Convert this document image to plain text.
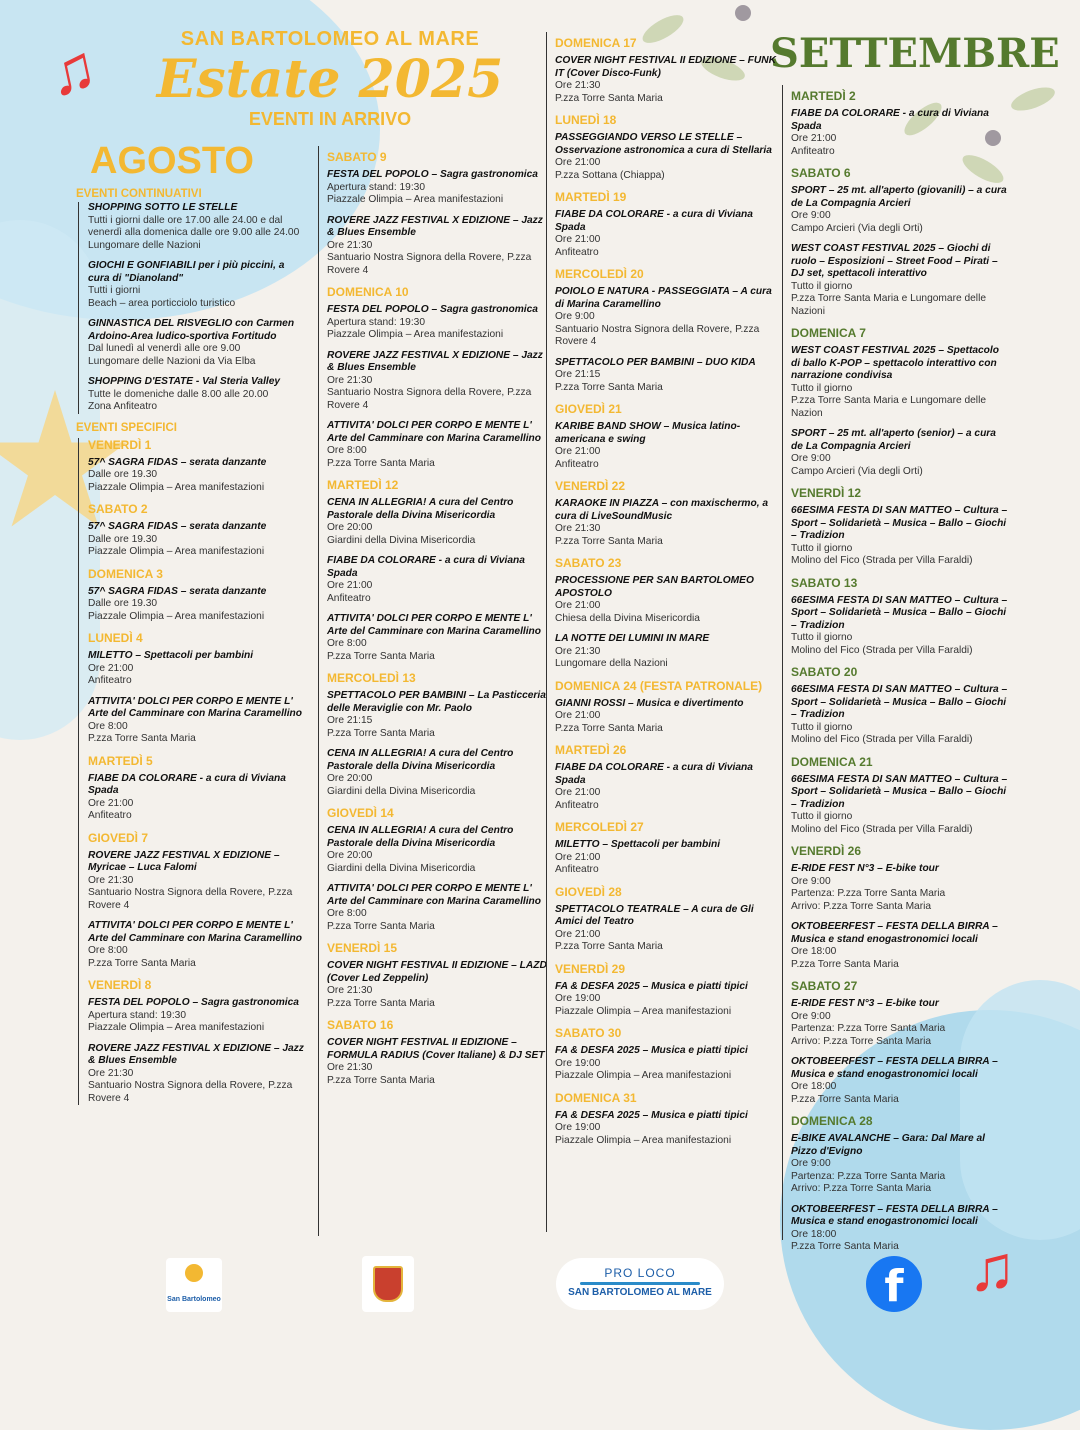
♫
♫
SAN BARTOLOMEO AL MARE
Estate 2025
EVENTI IN ARRIVO
AGOSTO
SETTEMBRE
EVENTI CONTINUATIVI
SHOPPING SOTTO LE STELLE
Tutti i giorni dalle ore 17.00 alle 24.00 e dal venerdì alla domenica dalle ore 9.00 alle 24.00
Lungomare delle Nazioni
GIOCHI E GONFIABILI per i più piccini, a cura di "Dianoland"
Tutti i giorni
Beach – area porticciolo turistico
GINNASTICA DEL RISVEGLIO con Carmen Ardoino-Area ludico-sportiva Fortitudo
Dal lunedì al venerdì alle ore 9.00
Lungomare delle Nazioni da Via Elba
SHOPPING D'ESTATE - Val Steria Valley
Tutte le domeniche dalle 8.00 alle 20.00
Zona Anfiteatro
EVENTI SPECIFICI
VENERDÌ 1
57^ SAGRA FIDAS – serata danzante
Dalle ore 19.30
Piazzale Olimpia – Area manifestazioni
SABATO 2
57^ SAGRA FIDAS – serata danzante
Dalle ore 19.30
Piazzale Olimpia – Area manifestazioni
DOMENICA 3
57^ SAGRA FIDAS – serata danzante
Dalle ore 19.30
Piazzale Olimpia – Area manifestazioni
LUNEDÌ 4
MILETTO – Spettacoli per bambini
Ore 21:00
Anfiteatro
ATTIVITA' DOLCI PER CORPO E MENTE L' Arte del Camminare con Marina Caramellino
Ore 8:00
P.zza Torre Santa Maria
MARTEDÌ 5
FIABE DA COLORARE - a cura di Viviana Spada
Ore 21:00
Anfiteatro
GIOVEDÌ 7
ROVERE JAZZ FESTIVAL X EDIZIONE – Myricae – Luca Falomi
Ore 21:30
Santuario Nostra Signora della Rovere, P.zza Rovere 4
ATTIVITA' DOLCI PER CORPO E MENTE L' Arte del Camminare con Marina Caramellino
Ore 8:00
P.zza Torre Santa Maria
VENERDÌ 8
FESTA DEL POPOLO – Sagra gastronomica
Apertura stand: 19:30
Piazzale Olimpia – Area manifestazioni
ROVERE JAZZ FESTIVAL X EDIZIONE – Jazz & Blues Ensemble
Ore 21:30
Santuario Nostra Signora della Rovere, P.zza Rovere 4
SABATO 9
FESTA DEL POPOLO – Sagra gastronomica
Apertura stand: 19:30
Piazzale Olimpia – Area manifestazioni
ROVERE JAZZ FESTIVAL X EDIZIONE – Jazz & Blues Ensemble
Ore 21:30
Santuario Nostra Signora della Rovere, P.zza Rovere 4
DOMENICA 10
FESTA DEL POPOLO – Sagra gastronomica
Apertura stand: 19:30
Piazzale Olimpia – Area manifestazioni
ROVERE JAZZ FESTIVAL X EDIZIONE – Jazz & Blues Ensemble
Ore 21:30
Santuario Nostra Signora della Rovere, P.zza Rovere 4
ATTIVITA' DOLCI PER CORPO E MENTE L' Arte del Camminare con Marina Caramellino
Ore 8:00
P.zza Torre Santa Maria
MARTEDÌ 12
CENA IN ALLEGRIA! A cura del Centro Pastorale della Divina Misericordia
Ore 20:00
Giardini della Divina Misericordia
FIABE DA COLORARE - a cura di Viviana Spada
Ore 21:00
Anfiteatro
ATTIVITA' DOLCI PER CORPO E MENTE L' Arte del Camminare con Marina Caramellino
Ore 8:00
P.zza Torre Santa Maria
MERCOLEDÌ 13
SPETTACOLO PER BAMBINI – La Pasticceria delle Meraviglie con Mr. Paolo
Ore 21:15
P.zza Torre Santa Maria
CENA IN ALLEGRIA! A cura del Centro Pastorale della Divina Misericordia
Ore 20:00
Giardini della Divina Misericordia
GIOVEDÌ 14
CENA IN ALLEGRIA! A cura del Centro Pastorale della Divina Misericordia
Ore 20:00
Giardini della Divina Misericordia
ATTIVITA' DOLCI PER CORPO E MENTE L' Arte del Camminare con Marina Caramellino
Ore 8:00
P.zza Torre Santa Maria
VENERDÌ 15
COVER NIGHT FESTIVAL II EDIZIONE – LAZD (Cover Led Zeppelin)
Ore 21:30
P.zza Torre Santa Maria
SABATO 16
COVER NIGHT FESTIVAL II EDIZIONE – FORMULA RADIUS (Cover Italiane) & DJ SET
Ore 21:30
P.zza Torre Santa Maria
DOMENICA 17
COVER NIGHT FESTIVAL II EDIZIONE – FUNK IT (Cover Disco-Funk)
Ore 21:30
P.zza Torre Santa Maria
LUNEDÌ 18
PASSEGGIANDO VERSO LE STELLE – Osservazione astronomica a cura di Stellaria
Ore 21:00
P.zza Sottana (Chiappa)
MARTEDÌ 19
FIABE DA COLORARE - a cura di Viviana Spada
Ore 21:00
Anfiteatro
MERCOLEDÌ 20
POIOLO E NATURA - PASSEGGIATA – A cura di Marina Caramellino
Ore 9:00
Santuario Nostra Signora della Rovere, P.zza Rovere 4
SPETTACOLO PER BAMBINI – DUO KIDA
Ore 21:15
P.zza Torre Santa Maria
GIOVEDÌ 21
KARIBE BAND SHOW – Musica latino-americana e swing
Ore 21:00
Anfiteatro
VENERDÌ 22
KARAOKE IN PIAZZA – con maxischermo, a cura di LiveSoundMusic
Ore 21:30
P.zza Torre Santa Maria
SABATO 23
PROCESSIONE PER SAN BARTOLOMEO APOSTOLO
Ore 21:00
Chiesa della Divina Misericordia
LA NOTTE DEI LUMINI IN MARE
Ore 21:30
Lungomare della Nazioni
DOMENICA 24 (FESTA PATRONALE)
GIANNI ROSSI – Musica e divertimento
Ore 21:00
P.zza Torre Santa Maria
MARTEDÌ 26
FIABE DA COLORARE - a cura di Viviana Spada
Ore 21:00
Anfiteatro
MERCOLEDÌ 27
MILETTO – Spettacoli per bambini
Ore 21:00
Anfiteatro
GIOVEDÌ 28
SPETTACOLO TEATRALE – A cura de Gli Amici del Teatro
Ore 21:00
P.zza Torre Santa Maria
VENERDÌ 29
FA & DESFA 2025 – Musica e piatti tipici
Ore 19:00
Piazzale Olimpia – Area manifestazioni
SABATO 30
FA & DESFA 2025 – Musica e piatti tipici
Ore 19:00
Piazzale Olimpia – Area manifestazioni
DOMENICA 31
FA & DESFA 2025 – Musica e piatti tipici
Ore 19:00
Piazzale Olimpia – Area manifestazioni
MARTEDÌ 2
FIABE DA COLORARE - a cura di Viviana Spada
Ore 21:00
Anfiteatro
SABATO 6
SPORT – 25 mt. all'aperto (giovanili) – a cura de La Compagnia Arcieri
Ore 9:00
Campo Arcieri (Via degli Orti)
WEST COAST FESTIVAL 2025 – Giochi di ruolo – Esposizioni – Street Food – Pirati – DJ set, spettacoli interattivo
Tutto il giorno
P.zza Torre Santa Maria e Lungomare delle Nazioni
DOMENICA 7
WEST COAST FESTIVAL 2025 – Spettacolo di ballo K-POP – spettacolo interattivo con narrazione condivisa
Tutto il giorno
P.zza Torre Santa Maria e Lungomare delle Nazion
SPORT – 25 mt. all'aperto (senior) – a cura de La Compagnia Arcieri
Ore 9:00
Campo Arcieri (Via degli Orti)
VENERDÌ 12
66ESIMA FESTA DI SAN MATTEO – Cultura – Sport – Solidarietà – Musica – Ballo – Giochi – Tradizion
Tutto il giorno
Molino del Fico (Strada per Villa Faraldi)
SABATO 13
66ESIMA FESTA DI SAN MATTEO – Cultura – Sport – Solidarietà – Musica – Ballo – Giochi – Tradizion
Tutto il giorno
Molino del Fico (Strada per Villa Faraldi)
SABATO 20
66ESIMA FESTA DI SAN MATTEO – Cultura – Sport – Solidarietà – Musica – Ballo – Giochi – Tradizion
Tutto il giorno
Molino del Fico (Strada per Villa Faraldi)
DOMENICA 21
66ESIMA FESTA DI SAN MATTEO – Cultura – Sport – Solidarietà – Musica – Ballo – Giochi – Tradizion
Tutto il giorno
Molino del Fico (Strada per Villa Faraldi)
VENERDÌ 26
E-RIDE FEST N°3 – E-bike tour
Ore 9:00
Partenza: P.zza Torre Santa Maria
Arrivo: P.zza Torre Santa Maria
OKTOBEERFEST – FESTA DELLA BIRRA – Musica e stand enogastronomici locali
Ore 18:00
P.zza Torre Santa Maria
SABATO 27
E-RIDE FEST N°3 – E-bike tour
Ore 9:00
Partenza: P.zza Torre Santa Maria
Arrivo: P.zza Torre Santa Maria
OKTOBEERFEST – FESTA DELLA BIRRA – Musica e stand enogastronomici locali
Ore 18:00
P.zza Torre Santa Maria
DOMENICA 28
E-BIKE AVALANCHE – Gara: Dal Mare al Pizzo d'Evigno
Ore 9:00
Partenza: P.zza Torre Santa Maria
Arrivo: P.zza Torre Santa Maria
OKTOBEERFEST – FESTA DELLA BIRRA – Musica e stand enogastronomici locali
Ore 18:00
P.zza Torre Santa Maria
San Bartolomeo
PRO LOCO
SAN BARTOLOMEO AL MARE	f
